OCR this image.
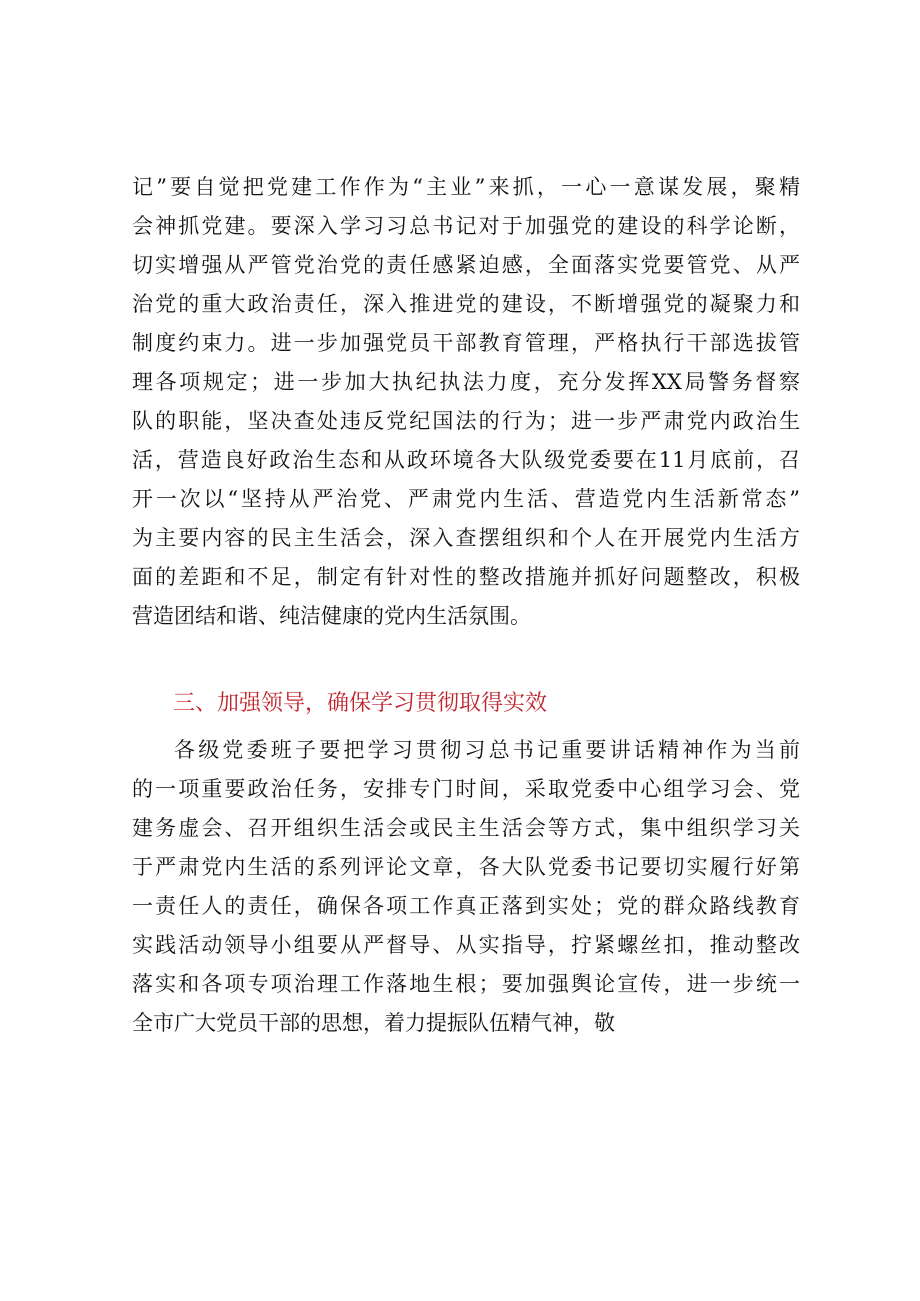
记”要自觉把党建工作作为“主业”来抓，一心一意谋发展，聚精
会神抓党建。要深入学习习总书记对于加强党的建设的科学论断，
切实增强从严管党治党的责任感紧迫感，全面落实党要管党、从严
治党的重大政治责任，深入推进党的建设，不断增强党的凝聚力和
制度约束力。进一步加强党员干部教育管理，严格执行干部选拔管
理各项规定；进一步加大执纪执法力度，充分发挥XX局警务督察
队的职能，坚决查处违反党纪国法的行为；进一步严肃党内政治生
活，营造良好政治生态和从政环境各大队级党委要在11月底前，召
开一次以“坚持从严治党、严肃党内生活、营造党内生活新常态”
为主要内容的民主生活会，深入查摆组织和个人在开展党内生活方
面的差距和不足，制定有针对性的整改措施并抓好问题整改，积极
营造团结和谐、纯洁健康的党内生活氛围。
三、加强领导，确保学习贯彻取得实效
各级党委班子要把学习贯彻习总书记重要讲话精神作为当前
的一项重要政治任务，安排专门时间，采取党委中心组学习会、党
建务虚会、召开组织生活会或民主生活会等方式，集中组织学习关
于严肃党内生活的系列评论文章，各大队党委书记要切实履行好第
一责任人的责任，确保各项工作真正落到实处；党的群众路线教育
实践活动领导小组要从严督导、从实指导，拧紧螺丝扣，推动整改
落实和各项专项治理工作落地生根；要加强舆论宣传，进一步统一
全市广大党员干部的思想，着力提振队伍精气神，敬
